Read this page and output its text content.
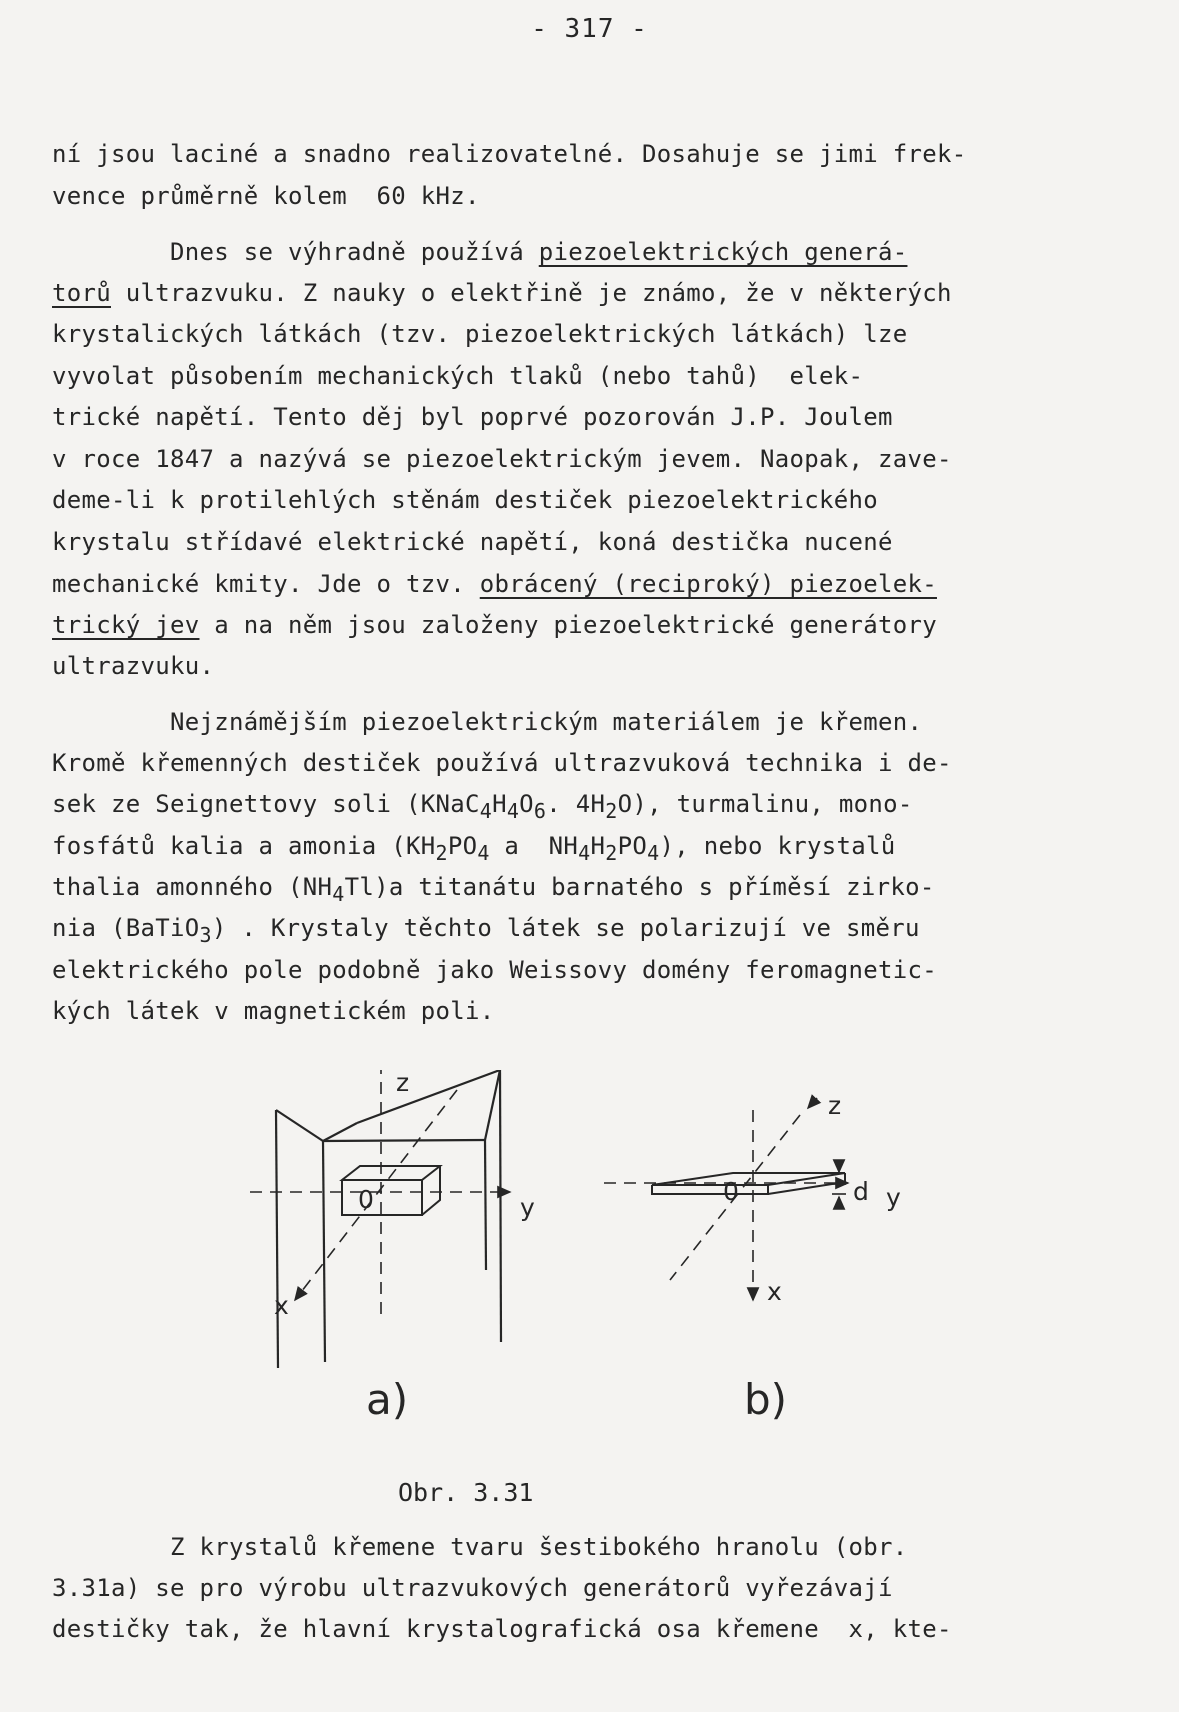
- 317 -
ní jsou laciné a snadno realizovatelné. Dosahuje se jimi frek-
vence průměrně kolem  60 kHz.
Dnes se výhradně používá piezoelektrických generá-
torů ultrazvuku. Z nauky o elektřině je známo, že v některých
krystalických látkách (tzv. piezoelektrických látkách) lze
vyvolat působením mechanických tlaků (nebo tahů)  elek-
trické napětí. Tento děj byl poprvé pozorován J.P. Joulem
v roce 1847 a nazývá se piezoelektrickým jevem. Naopak, zave-
deme-li k protilehlých stěnám destiček piezoelektrického
krystalu střídavé elektrické napětí, koná destička nucené
mechanické kmity. Jde o tzv. obrácený (reciproký) piezoelek-
trický jev a na něm jsou založeny piezoelektrické generátory
ultrazvuku.
Nejznámějším piezoelektrickým materiálem je křemen.
Kromě křemenných destiček používá ultrazvuková technika i de-
sek ze Seignettovy soli ($KNaC_4H_4O_6$. $4H_2O$), turmalinu, mono-
fosfátů kalia a amonia ($KH_2PO_4$ a  $NH_4H_2PO_4$), nebo krystalů
thalia amonného $(NH_4Tl)a$ titanátu barnatého s příměsí zirko-
nia (BaTiO$_3$) . Krystaly těchto látek se polarizují ve směru
elektrického pole podobně jako Weissovy domény feromagnetic-
kých látek v magnetickém poli.
z
y
x
0
a)
z
y
x
0	d
b)
Obr. 3.31
Z krystalů křemene tvaru šestibokého hranolu (obr.
3.31a) se pro výrobu ultrazvukových generátorů vyřezávají
destičky tak, že hlavní krystalografická osa křemene  x, kte-
